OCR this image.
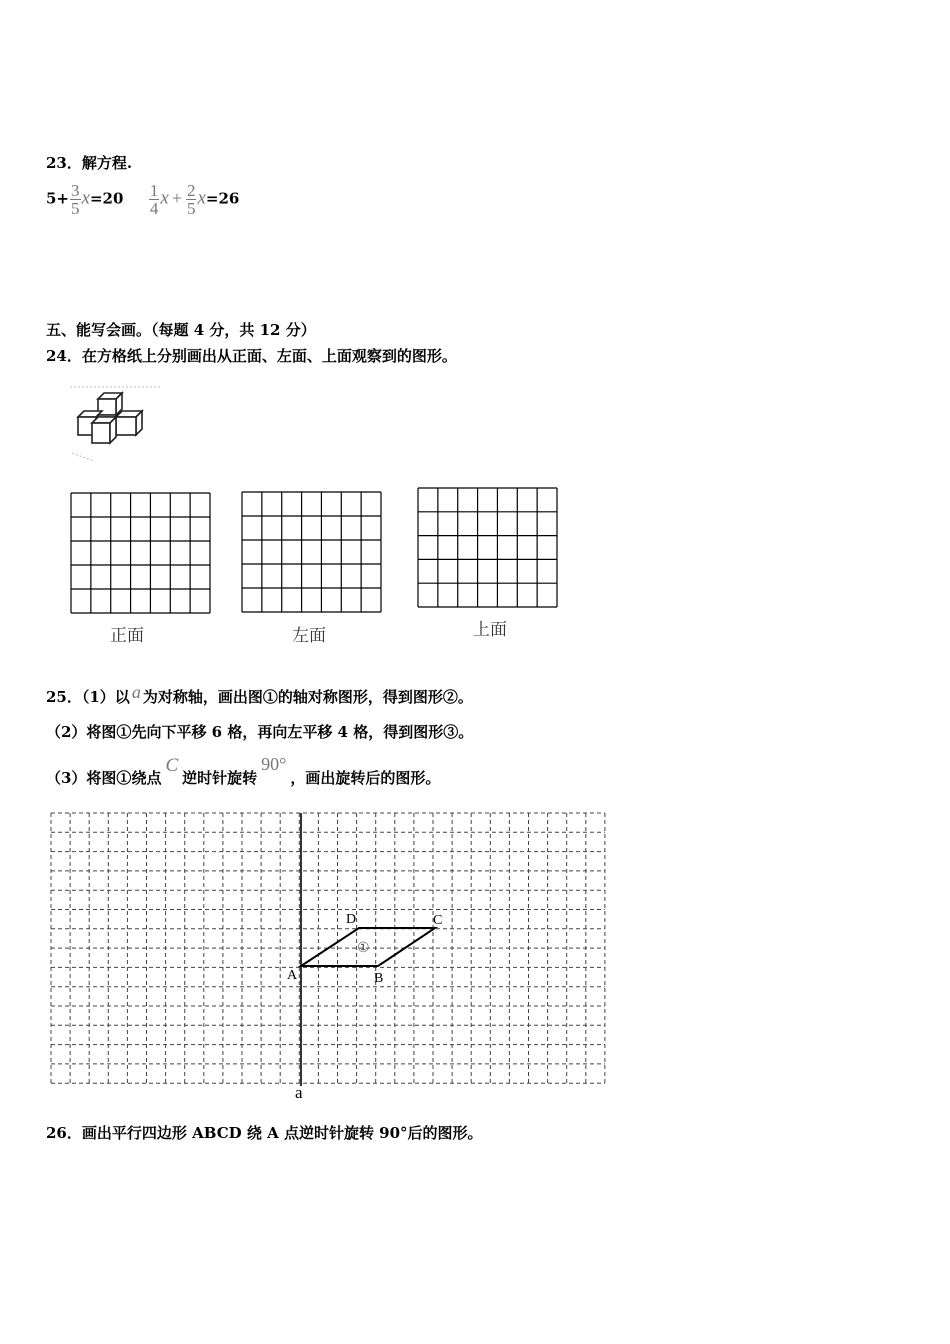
23．解方程.
$5+ \frac{3}{5} x=20 \frac{1}{4}$ $x + \frac{2}{5} x=26$
五、能写会画。（每题 4 分，共 12 分）
24．在方格纸上分别画出从正面、左面、上面观察到的图形。
正面	左面	上面
25．（1）以 a 为对称轴，画出图①的轴对称图形，得到图形②。
（2）将图①先向下平移 6 格，再向左平移 4 格，得到图形③。
（3）将图①绕点C逆时针旋转90°，画出旋转后的图形。
A	B
C
D
①
a
26．画出平行四边形 ABCD 绕 A 点逆时针旋转 90°后的图形。
